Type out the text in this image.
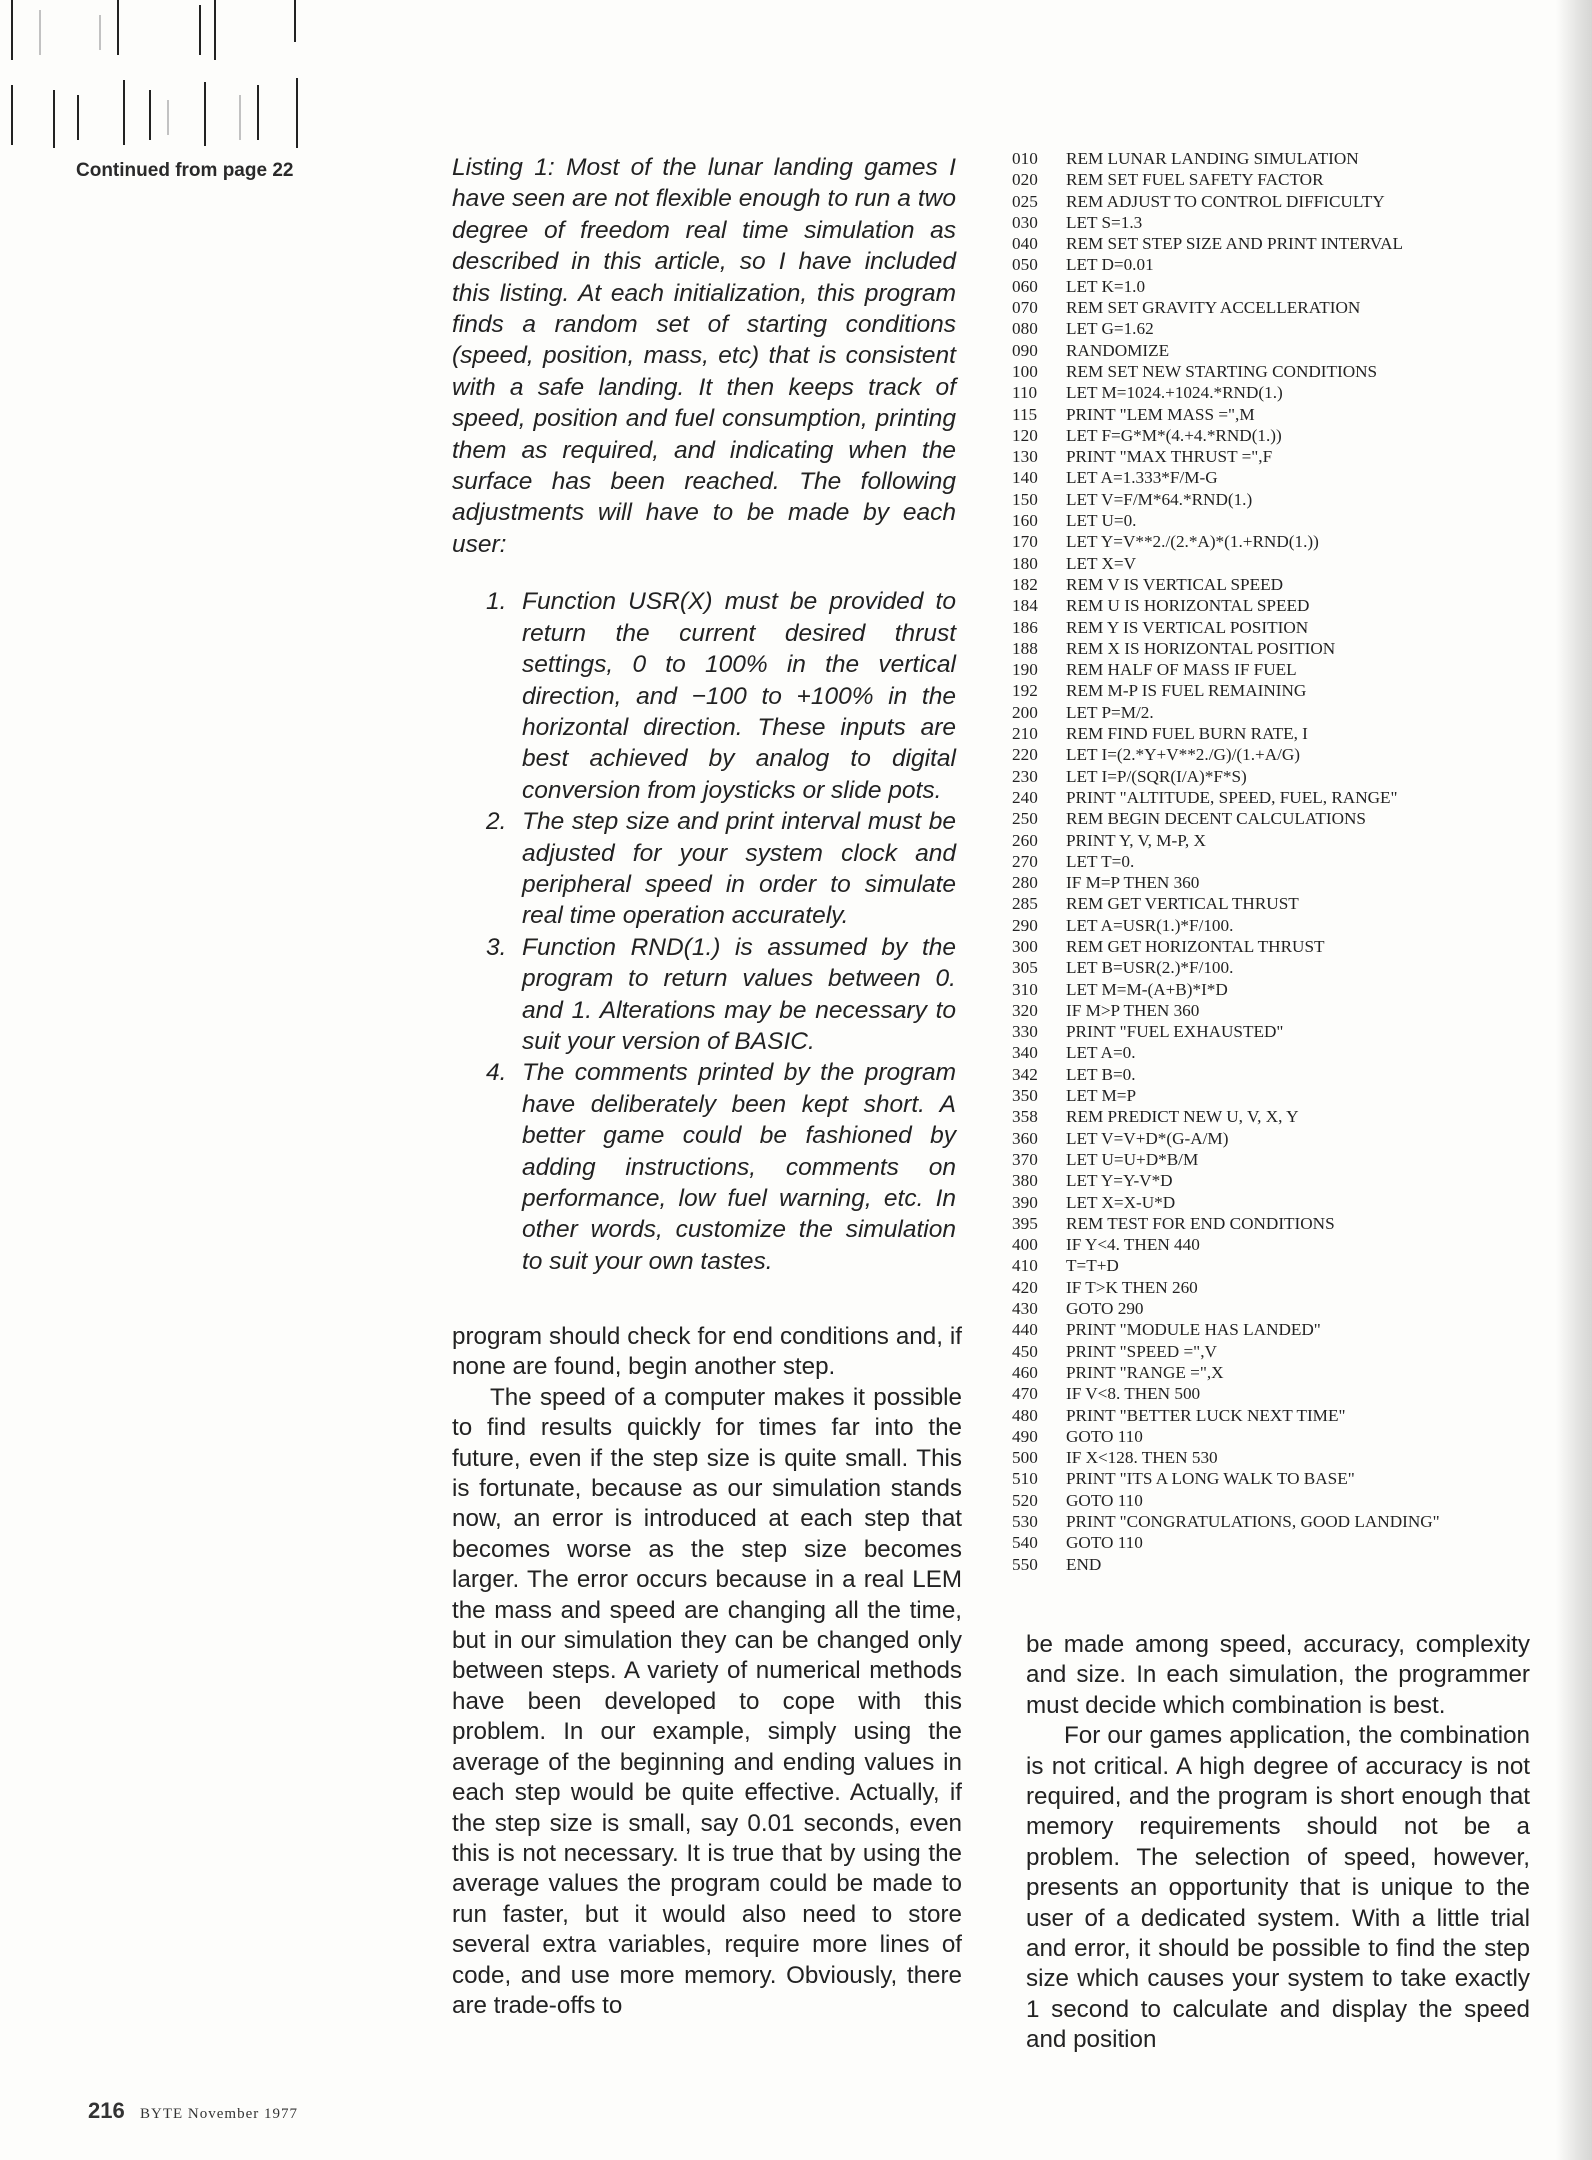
Continued from page 22	Listing 1: Most of the lunar landing games I have seen are not flexible enough to run a two degree of freedom real time simulation as described in this article, so I have included this listing. At each initialization, this program finds a random set of starting conditions (speed, position, mass, etc) that is consistent with a safe landing. It then keeps track of speed, position and fuel consumption, printing them as required, and indicating when the surface has been reached. The following adjustments will have to be made by each user:

1. Function USR(X) must be provided to return the current desired thrust settings, 0 to 100% in the vertical direction, and −100 to +100% in the horizontal direction. These inputs are best achieved by analog to digital conversion from joysticks or slide pots.
2. The step size and print interval must be adjusted for your system clock and peripheral speed in order to simulate real time operation accurately.
3. Function RND(1.) is assumed by the program to return values between 0. and 1. Alterations may be necessary to suit your version of BASIC.
4. The comments printed by the program have deliberately been kept short. A better game could be fashioned by adding instructions, comments on performance, low fuel warning, etc. In other words, customize the simulation to suit your own tastes.

program should check for end conditions and, if none are found, begin another step.

The speed of a computer makes it possible to find results quickly for times far into the future, even if the step size is quite small. This is fortunate, because as our simulation stands now, an error is introduced at each step that becomes worse as the step size becomes larger. The error occurs because in a real LEM the mass and speed are changing all the time, but in our simulation they can be changed only between steps. A variety of numerical methods have been developed to cope with this problem. In our example, simply using the average of the beginning and ending values in each step would be quite effective. Actually, if the step size is small, say 0.01 seconds, even this is not necessary. It is true that by using the average values the program could be made to run faster, but it would also need to store several extra variables, require more lines of code, and use more memory. Obviously, there are trade-offs to

010 REM LUNAR LANDING SIMULATION
020 REM SET FUEL SAFETY FACTOR
025 REM ADJUST TO CONTROL DIFFICULTY
030 LET S=1.3
040 REM SET STEP SIZE AND PRINT INTERVAL
050 LET D=0.01
060 LET K=1.0
070 REM SET GRAVITY ACCELLERATION
080 LET G=1.62
090 RANDOMIZE
100 REM SET NEW STARTING CONDITIONS
110 LET M=1024.+1024.*RND(1.)
115 PRINT "LEM MASS =",M
120 LET F=G*M*(4.+4.*RND(1.))
130 PRINT "MAX THRUST =",F
140 LET A=1.333*F/M-G
150 LET V=F/M*64.*RND(1.)
160 LET U=0.
170 LET Y=V**2./(2.*A)*(1.+RND(1.))
180 LET X=V
182 REM V IS VERTICAL SPEED
184 REM U IS HORIZONTAL SPEED
186 REM Y IS VERTICAL POSITION
188 REM X IS HORIZONTAL POSITION
190 REM HALF OF MASS IF FUEL
192 REM M-P IS FUEL REMAINING
200 LET P=M/2.
210 REM FIND FUEL BURN RATE, I
220 LET I=(2.*Y+V**2./G)/(1.+A/G)
230 LET I=P/(SQR(I/A)*F*S)
240 PRINT "ALTITUDE, SPEED, FUEL, RANGE"
250 REM BEGIN DECENT CALCULATIONS
260 PRINT Y, V, M-P, X
270 LET T=0.
280 IF M=P THEN 360
285 REM GET VERTICAL THRUST
290 LET A=USR(1.)*F/100.
300 REM GET HORIZONTAL THRUST
305 LET B=USR(2.)*F/100.
310 LET M=M-(A+B)*I*D
320 IF M>P THEN 360
330 PRINT "FUEL EXHAUSTED"
340 LET A=0.
342 LET B=0.
350 LET M=P
358 REM PREDICT NEW U, V, X, Y
360 LET V=V+D*(G-A/M)
370 LET U=U+D*B/M
380 LET Y=Y-V*D
390 LET X=X-U*D
395 REM TEST FOR END CONDITIONS
400 IF Y<4. THEN 440
410 T=T+D
420 IF T>K THEN 260
430 GOTO 290
440 PRINT "MODULE HAS LANDED"
450 PRINT "SPEED =",V
460 PRINT "RANGE =",X
470 IF V<8. THEN 500
480 PRINT "BETTER LUCK NEXT TIME"
490 GOTO 110
500 IF X<128. THEN 530
510 PRINT "ITS A LONG WALK TO BASE"
520 GOTO 110
530 PRINT "CONGRATULATIONS, GOOD LANDING"
540 GOTO 110
550 END

be made among speed, accuracy, complexity and size. In each simulation, the programmer must decide which combination is best.

For our games application, the combination is not critical. A high degree of accuracy is not required, and the program is short enough that memory requirements should not be a problem. The selection of speed, however, presents an opportunity that is unique to the user of a dedicated system. With a little trial and error, it should be possible to find the step size which causes your system to take exactly 1 second to calculate and display the speed and position

216 BYTE November 1977
